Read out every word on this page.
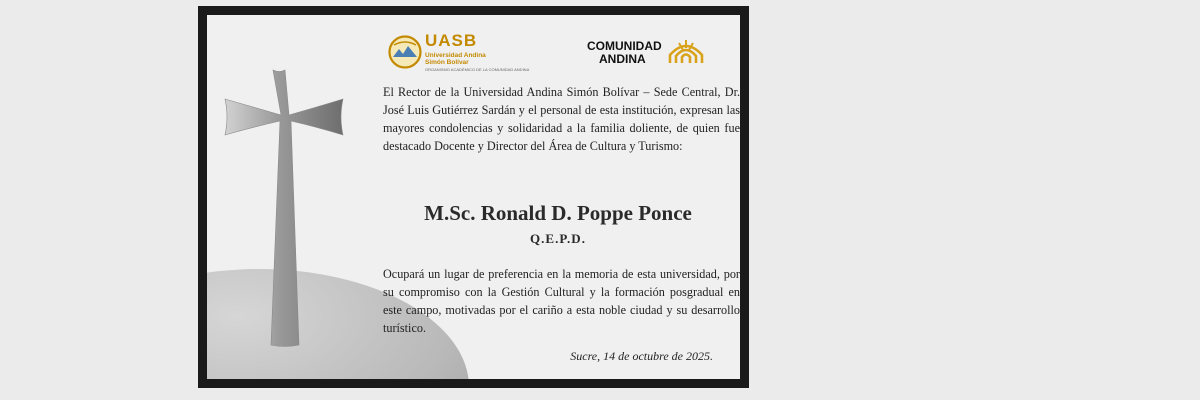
UASB
Universidad Andina
Simón Bolívar
ORGANISMO ACADÉMICO DE LA COMUNIDAD ANDINA
COMUNIDAD
ANDINA
El Rector de la Universidad Andina Simón Bolívar – Sede Central, Dr. José Luis Gutiérrez Sardán y el personal de esta institución, expresan las mayores condolencias y solidaridad a la familia doliente, de quien fue destacado Docente y Director del Área de Cultura y Turismo:
M.Sc. Ronald D. Poppe Ponce
Q.E.P.D.
Ocupará un lugar de preferencia en la memoria de esta universidad, por su compromiso con la Gestión Cultural y la formación posgradual en este campo, motivadas por el cariño a esta noble ciudad y su desarrollo turístico.
Sucre, 14 de octubre de 2025.
